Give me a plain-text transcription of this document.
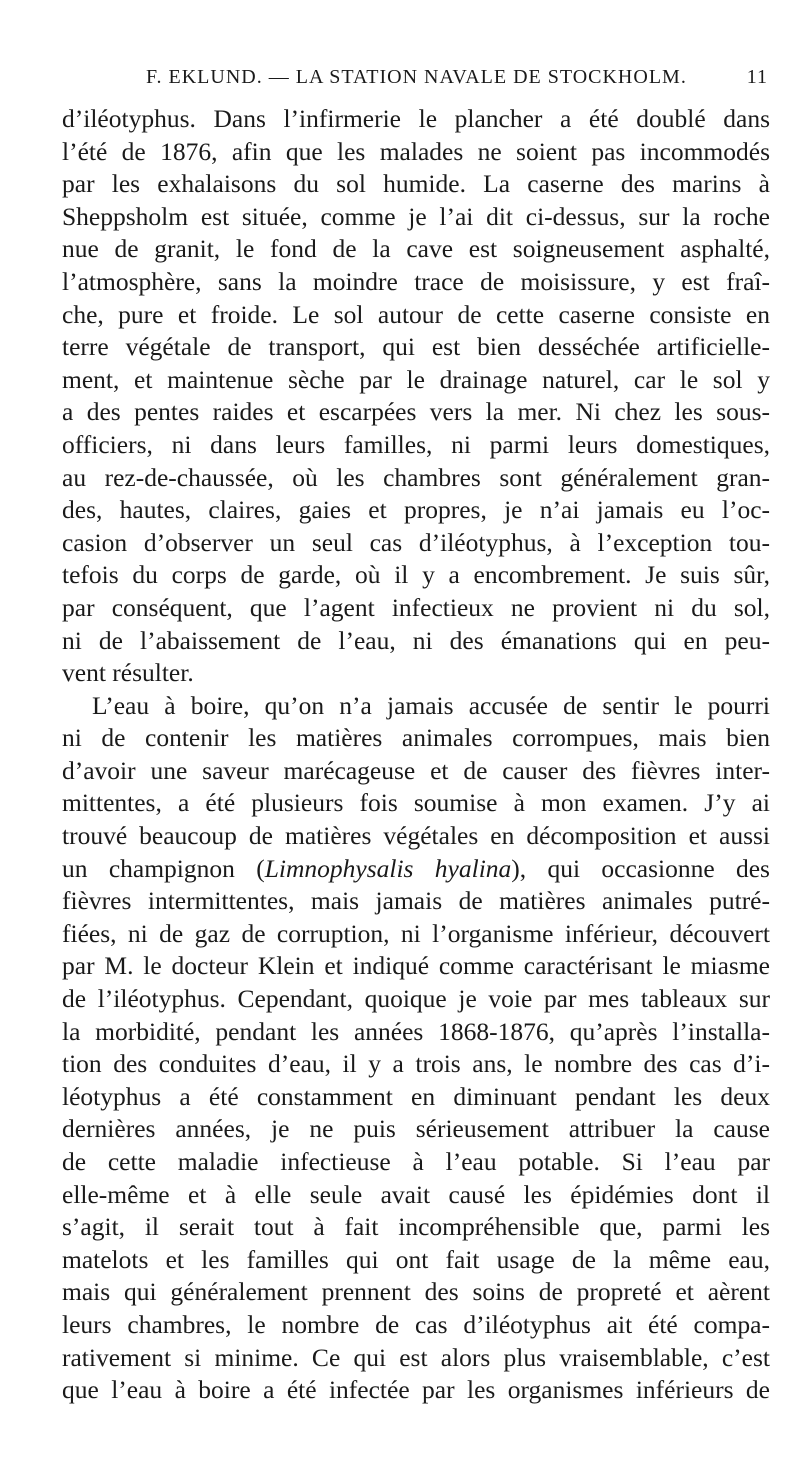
F. EKLUND. — LA STATION NAVALE DE STOCKHOLM.	11
d’iléotyphus. Dans l’infirmerie le plancher a été doublé dans
l’été de 1876, afin que les malades ne soient pas incommodés
par les exhalaisons du sol humide. La caserne des marins à
Sheppsholm est située, comme je l’ai dit ci-dessus, sur la roche
nue de granit, le fond de la cave est soigneusement asphalté,
l’atmosphère, sans la moindre trace de moisissure, y est fraî-
che, pure et froide. Le sol autour de cette caserne consiste en
terre végétale de transport, qui est bien desséchée artificielle-
ment, et maintenue sèche par le drainage naturel, car le sol y
a des pentes raides et escarpées vers la mer. Ni chez les sous-
officiers, ni dans leurs familles, ni parmi leurs domestiques,
au rez-de-chaussée, où les chambres sont généralement gran-
des, hautes, claires, gaies et propres, je n’ai jamais eu l’oc-
casion d’observer un seul cas d’iléotyphus, à l’exception tou-
tefois du corps de garde, où il y a encombrement. Je suis sûr,
par conséquent, que l’agent infectieux ne provient ni du sol,
ni de l’abaissement de l’eau, ni des émanations qui en peu-
vent résulter.
L’eau à boire, qu’on n’a jamais accusée de sentir le pourri
ni de contenir les matières animales corrompues, mais bien
d’avoir une saveur marécageuse et de causer des fièvres inter-
mittentes, a été plusieurs fois soumise à mon examen. J’y ai
trouvé beaucoup de matières végétales en décomposition et aussi
un champignon (Limnophysalis hyalina), qui occasionne des
fièvres intermittentes, mais jamais de matières animales putré-
fiées, ni de gaz de corruption, ni l’organisme inférieur, découvert
par M. le docteur Klein et indiqué comme caractérisant le miasme
de l’iléotyphus. Cependant, quoique je voie par mes tableaux sur
la morbidité, pendant les années 1868-1876, qu’après l’installa-
tion des conduites d’eau, il y a trois ans, le nombre des cas d’i-
léotyphus a été constamment en diminuant pendant les deux
dernières années, je ne puis sérieusement attribuer la cause
de cette maladie infectieuse à l’eau potable. Si l’eau par
elle-même et à elle seule avait causé les épidémies dont il
s’agit, il serait tout à fait incompréhensible que, parmi les
matelots et les familles qui ont fait usage de la même eau,
mais qui généralement prennent des soins de propreté et aèrent
leurs chambres, le nombre de cas d’iléotyphus ait été compa-
rativement si minime. Ce qui est alors plus vraisemblable, c’est
que l’eau à boire a été infectée par les organismes inférieurs de
